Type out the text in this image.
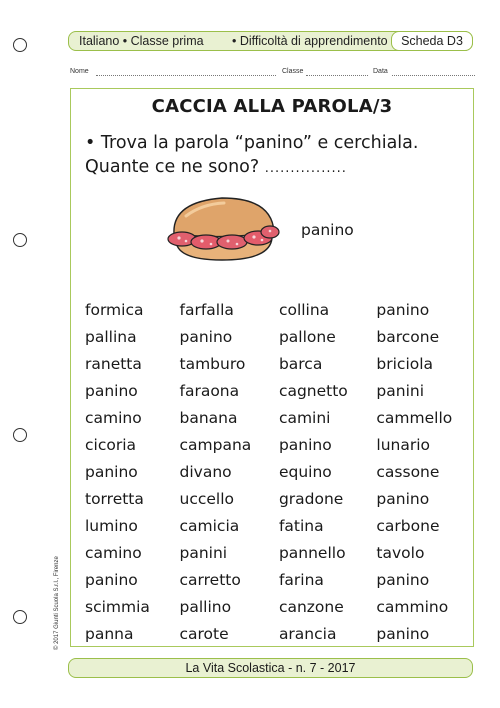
Italiano • Classe prima • Difficoltà di apprendimento	Scheda D3
Nome	Classe	Data
CACCIA ALLA PAROLA/3
• Trova la parola “panino” e cerchiala.
Quante ce ne sono? ................
panino
formica	farfalla	collina	panino
pallina	panino	pallone	barcone
ranetta	tamburo	barca	briciola
panino	faraona	cagnetto	panini
camino	banana	camini	cammello
cicoria	campana	panino	lunario
panino	divano	equino	cassone
torretta	uccello	gradone	panino
lumino	camicia	fatina	carbone
camino	panini	pannello	tavolo
panino	carretto	farina	panino
scimmia	pallino	canzone	cammino
panna	carote	arancia	panino
© 2017 Giunti Scuola S.r.l., Firenze
La Vita Scolastica - n. 7 - 2017
